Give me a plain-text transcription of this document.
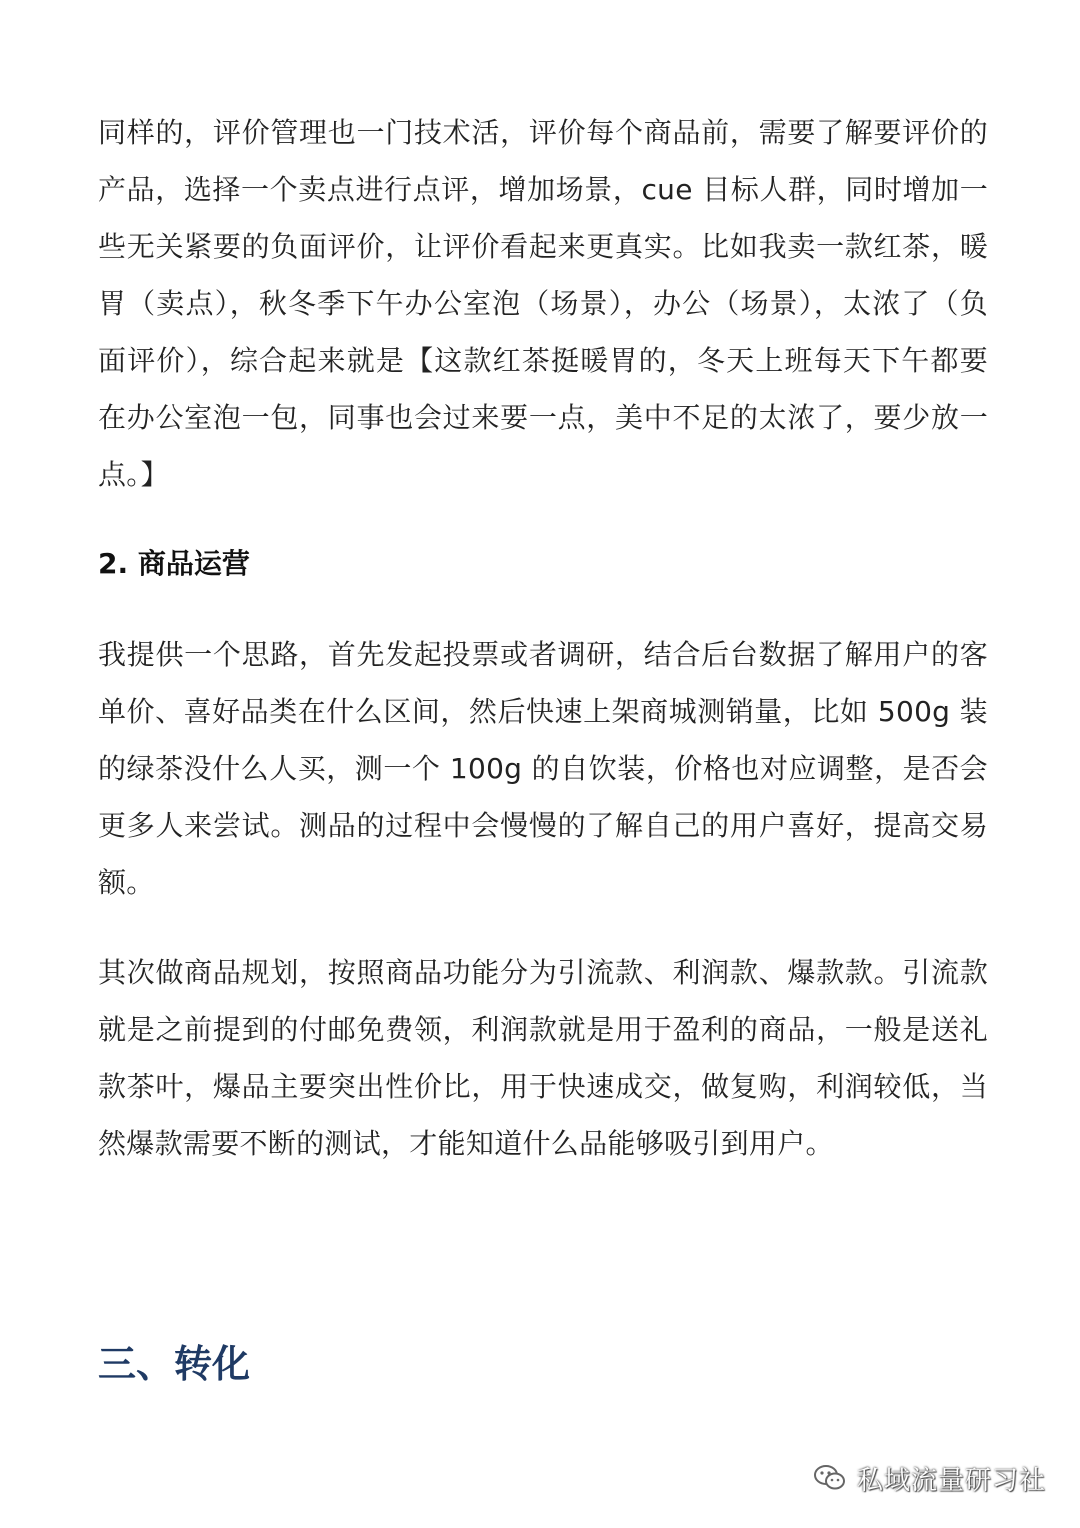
同样的，评价管理也一门技术活，评价每个商品前，需要了解要评价的产品，选择一个卖点进行点评，增加场景，cue 目标人群，同时增加一些无关紧要的负面评价，让评价看起来更真实。比如我卖一款红茶，暖胃（卖点），秋冬季下午办公室泡（场景），办公（场景），太浓了（负面评价），综合起来就是【这款红茶挺暖胃的，冬天上班每天下午都要在办公室泡一包，同事也会过来要一点，美中不足的太浓了，要少放一点。】

2. 商品运营

我提供一个思路，首先发起投票或者调研，结合后台数据了解用户的客单价、喜好品类在什么区间，然后快速上架商城测销量，比如 500g 装的绿茶没什么人买，测一个 100g 的自饮装，价格也对应调整，是否会更多人来尝试。测品的过程中会慢慢的了解自己的用户喜好，提高交易额。

其次做商品规划，按照商品功能分为引流款、利润款、爆款款。引流款就是之前提到的付邮免费领，利润款就是用于盈利的商品，一般是送礼款茶叶，爆品主要突出性价比，用于快速成交，做复购，利润较低，当然爆款需要不断的测试，才能知道什么品能够吸引到用户。

三、转化
私域流量研习社
